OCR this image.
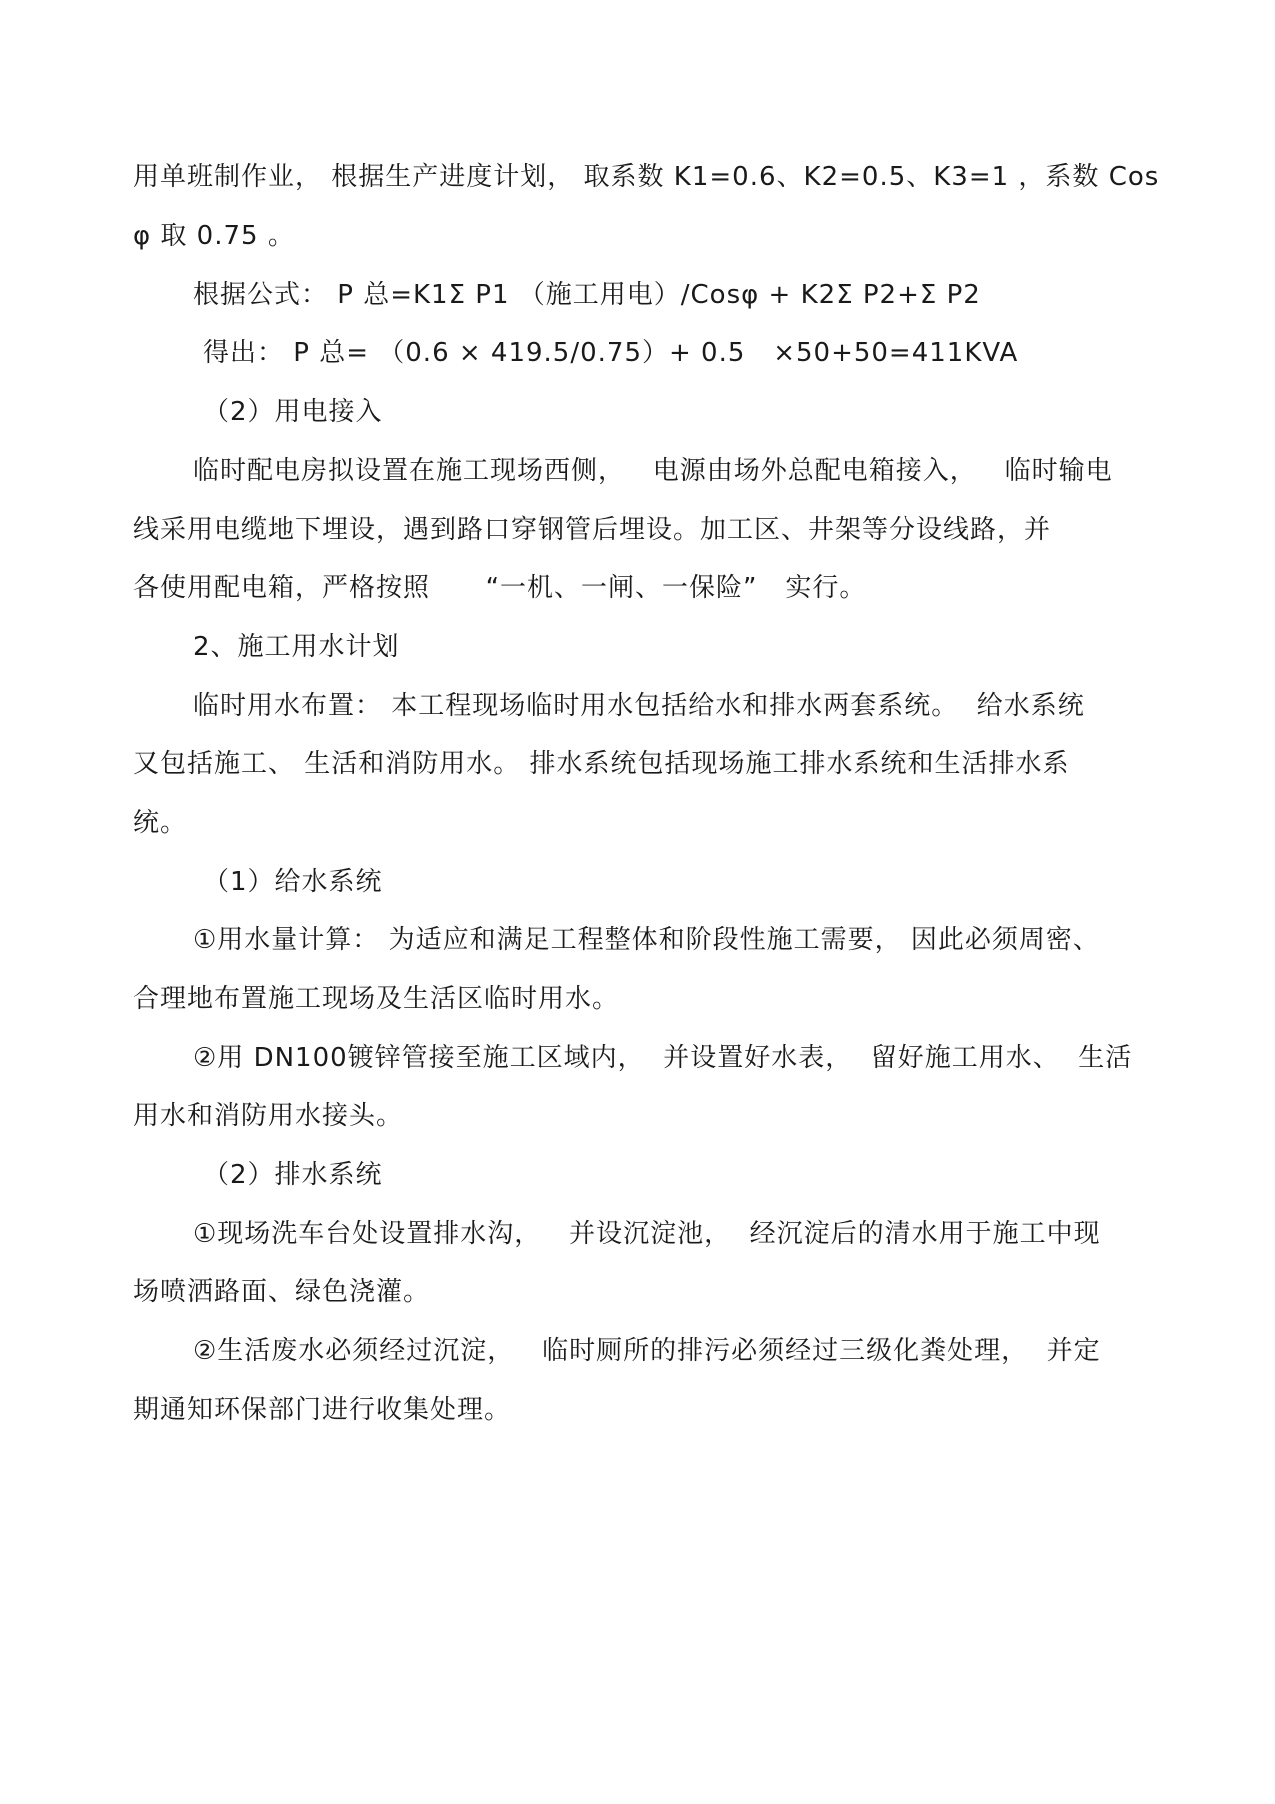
用单班制作业， 根据生产进度计划， 取系数 K1=0.6、K2=0.5、K3=1 ，系数 Cos
φ 取 0.75 。
根据公式： P 总=K1Σ P1 （施工用电）/Cosφ + K2Σ P2+Σ P2
得出： P 总= （0.6 × 419.5/0.75）+ 0.5   ×50+50=411KVA
（2）用电接入
临时配电房拟设置在施工现场西侧，   电源由场外总配电箱接入，   临时输电
线采用电缆地下埋设，遇到路口穿钢管后埋设。加工区、井架等分设线路，并
各使用配电箱，严格按照      “一机、一闸、一保险”   实行。
2、施工用水计划
临时用水布置： 本工程现场临时用水包括给水和排水两套系统。  给水系统
又包括施工、 生活和消防用水。 排水系统包括现场施工排水系统和生活排水系
统。
（1）给水系统
①用水量计算： 为适应和满足工程整体和阶段性施工需要， 因此必须周密、
合理地布置施工现场及生活区临时用水。
②用 DN100镀锌管接至施工区域内，  并设置好水表，  留好施工用水、  生活
用水和消防用水接头。
（2）排水系统
①现场洗车台处设置排水沟，   并设沉淀池，  经沉淀后的清水用于施工中现
场喷洒路面、绿色浇灌。
②生活废水必须经过沉淀，   临时厕所的排污必须经过三级化粪处理，  并定
期通知环保部门进行收集处理。
